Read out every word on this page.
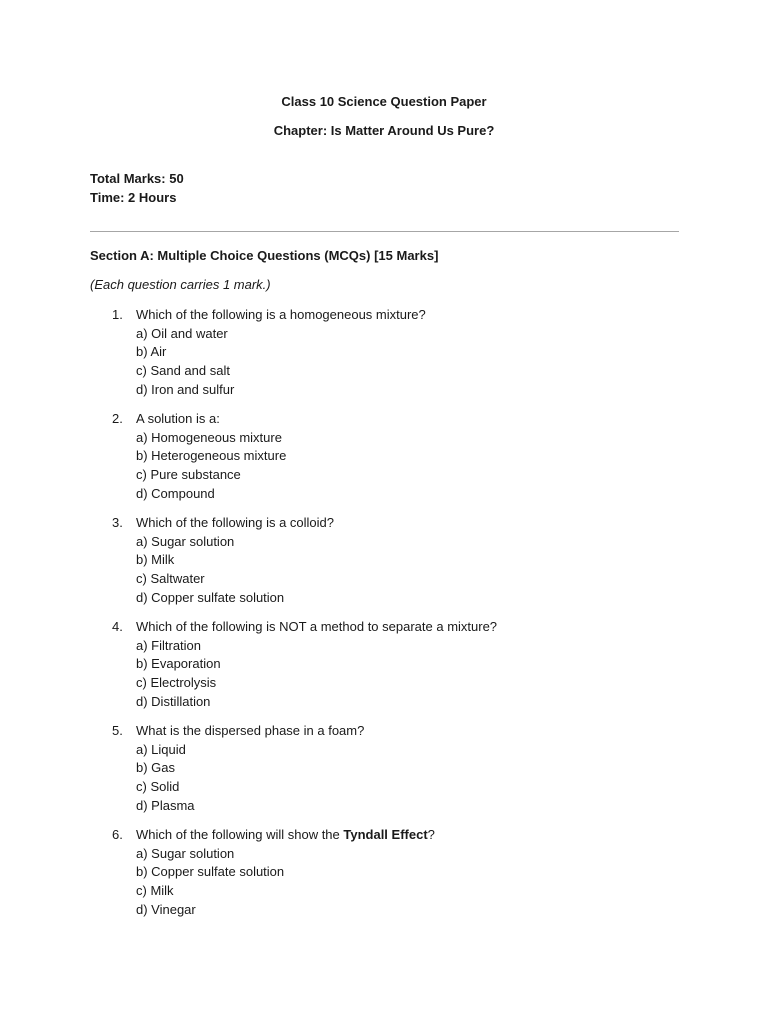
Class 10 Science Question Paper
Chapter: Is Matter Around Us Pure?
Total Marks: 50
Time: 2 Hours
Section A: Multiple Choice Questions (MCQs) [15 Marks]
(Each question carries 1 mark.)
1.	Which of the following is a homogeneous mixture?
a) Oil and water
b) Air
c) Sand and salt
d) Iron and sulfur
2.	A solution is a:
a) Homogeneous mixture
b) Heterogeneous mixture
c) Pure substance
d) Compound
3.	Which of the following is a colloid?
a) Sugar solution
b) Milk
c) Saltwater
d) Copper sulfate solution
4.	Which of the following is NOT a method to separate a mixture?
a) Filtration
b) Evaporation
c) Electrolysis
d) Distillation
5.	What is the dispersed phase in a foam?
a) Liquid
b) Gas
c) Solid
d) Plasma
6.	Which of the following will show the Tyndall Effect?
a) Sugar solution
b) Copper sulfate solution
c) Milk
d) Vinegar
